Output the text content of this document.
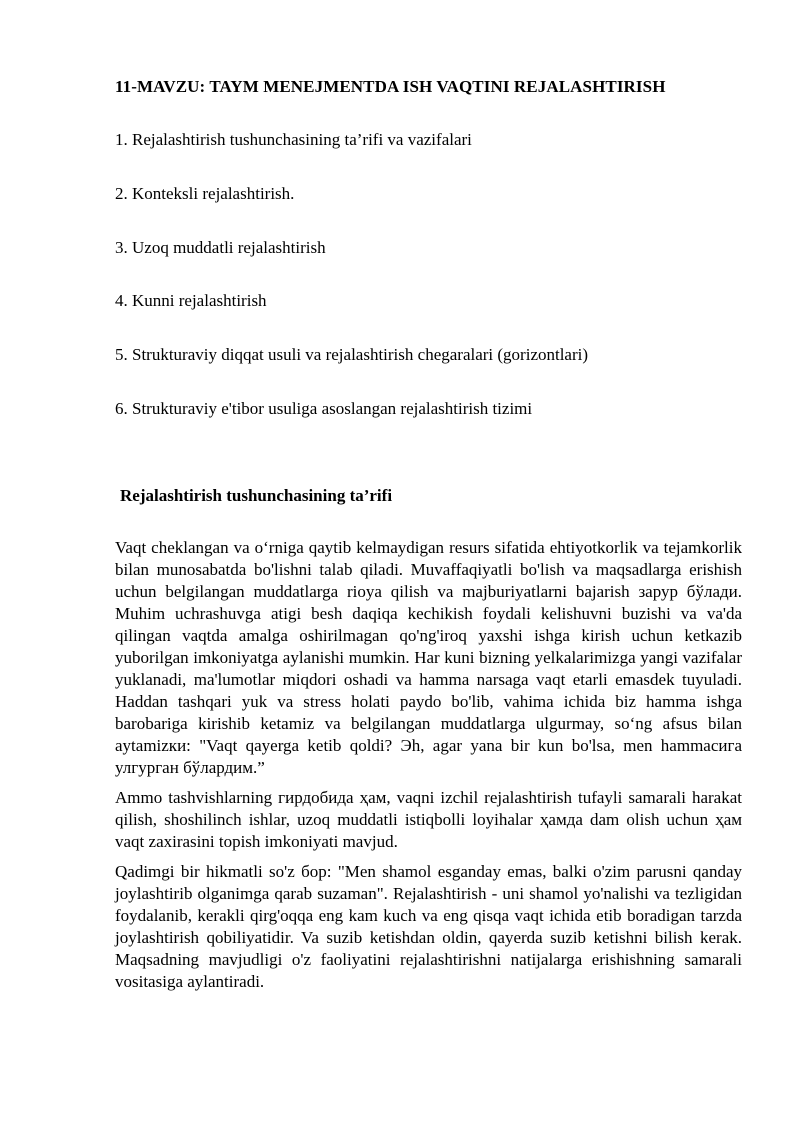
11-MAVZU: TAYM MENEJMENTDA ISH VAQTINI REJALASHTIRISH
1. Rejalashtirish tushunchasining ta’rifi va vazifalari
2. Konteksli rejalashtirish.
3. Uzoq muddatli rejalashtirish
4. Kunni rejalashtirish
5. Strukturaviy diqqat usuli va rejalashtirish chegaralari (gorizontlari)
6. Strukturaviy e'tibor usuliga asoslangan rejalashtirish tizimi
Rejalashtirish tushunchasining ta’rifi

Vaqt cheklangan va o‘rniga qaytib kelmaydigan resurs sifatida ehtiyotkorlik va tejamkorlik bilan munosabatda bo'lishni talab qiladi. Muvaffaqiyatli bo'lish va maqsadlarga erishish uchun belgilangan muddatlarga rioya qilish va majburiyatlarni bajarish зарур бўлади. Muhim uchrashuvga atigi besh daqiqa kechikish foydali kelishuvni buzishi va va'da qilingan vaqtda amalga oshirilmagan qo'ng'iroq yaxshi ishga kirish uchun ketkazib yuborilgan imkoniyatga aylanishi mumkin. Har kuni bizning yelkalarimizga yangi vazifalar yuklanadi, ma'lumotlar miqdori oshadi va hamma narsaga vaqt etarli emasdek tuyuladi. Haddan tashqari yuk va stress holati paydo bo'lib, vahima ichida biz hamma ishga barobariga kirishib ketamiz va belgilangan muddatlarga ulgurmay, so‘ng afsus bilan aytamizки: "Vaqt qayerga ketib qoldi? Эh, agar yana bir kun bo'lsa, men hammaсига улгурган бўлардим.”

Ammo tashvishlarning гирдобида ҳам, vaqni izchil rejalashtirish tufayli samarali harakat qilish, shoshilinch ishlar, uzoq muddatli istiqbolli loyihalar ҳамда dam olish uchun ҳам vaqt zaxirasini topish imkoniyati mavjud.

Qadimgi bir hikmatli so'z бор: "Men shamol esganday emas, balki o'zim parusni qanday joylashtirib olganimga qarab suzaman". Rejalashtirish - uni shamol yo'nalishi va tezligidan foydalanib, kerakli qirg'oqqa eng kam kuch va eng qisqa vaqt ichida etib boradigan tarzda joylashtirish qobiliyatidir. Va suzib ketishdan oldin, qayerda suzib ketishni bilish kerak. Maqsadning mavjudligi o'z faoliyatini rejalashtirishni natijalarga erishishning samarali vositasiga aylantiradi.
